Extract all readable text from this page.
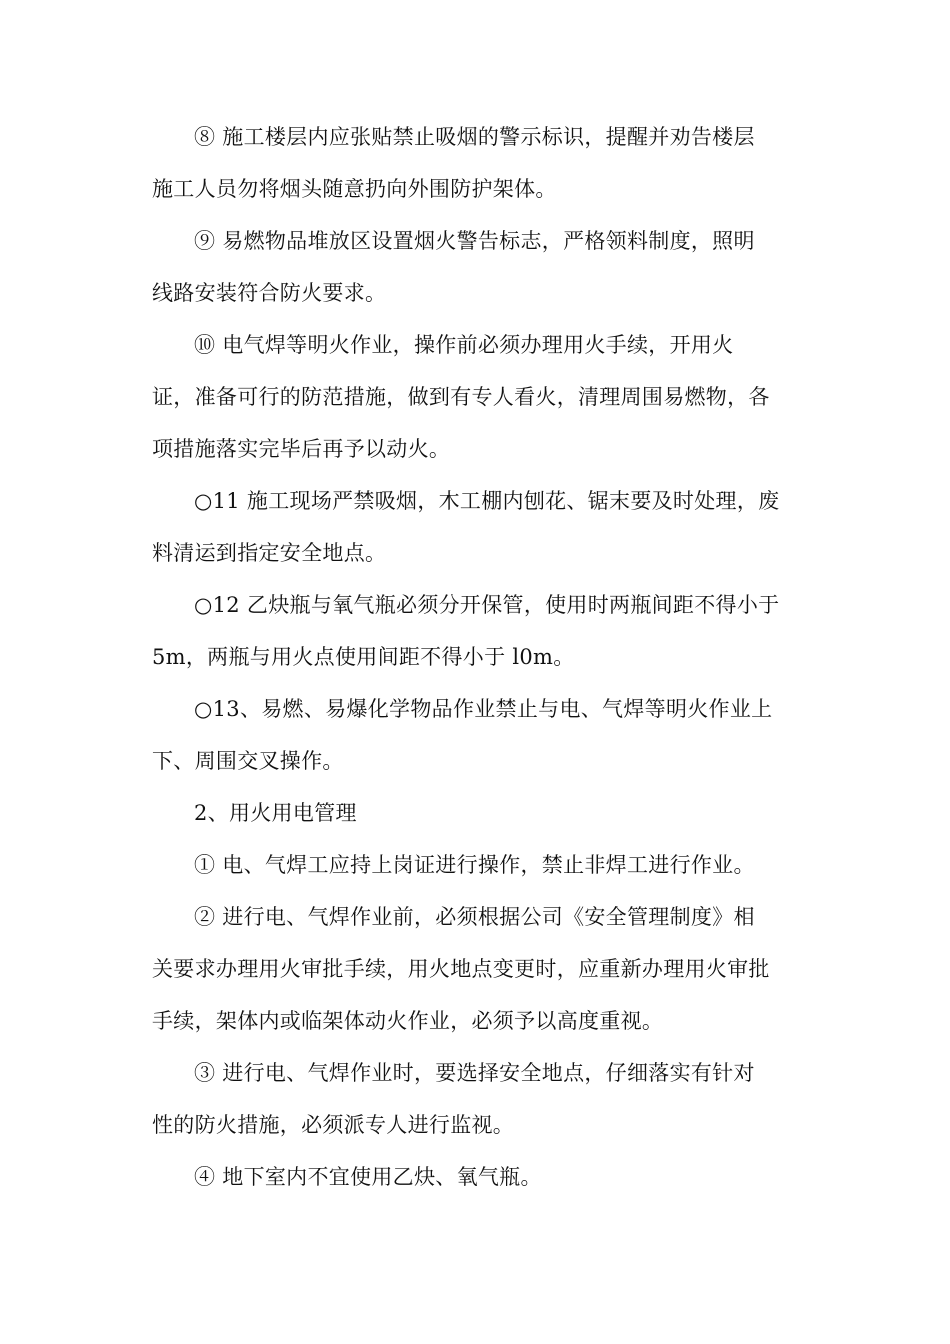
⑧ 施工楼层内应张贴禁止吸烟的警示标识，提醒并劝告楼层
施工人员勿将烟头随意扔向外围防护架体。
⑨ 易燃物品堆放区设置烟火警告标志，严格领料制度，照明
线路安装符合防火要求。
⑩ 电气焊等明火作业，操作前必须办理用火手续，开用火
证，准备可行的防范措施，做到有专人看火，清理周围易燃物，各
项措施落实完毕后再予以动火。
○11 施工现场严禁吸烟，木工棚内刨花、锯末要及时处理，废
料清运到指定安全地点。
○12 乙炔瓶与氧气瓶必须分开保管，使用时两瓶间距不得小于
5m，两瓶与用火点使用间距不得小于 l0m。
○13、易燃、易爆化学物品作业禁止与电、气焊等明火作业上
下、周围交叉操作。
2、用火用电管理
① 电、气焊工应持上岗证进行操作，禁止非焊工进行作业。
② 进行电、气焊作业前，必须根据公司《安全管理制度》相
关要求办理用火审批手续，用火地点变更时，应重新办理用火审批
手续，架体内或临架体动火作业，必须予以高度重视。
③ 进行电、气焊作业时，要选择安全地点，仔细落实有针对
性的防火措施，必须派专人进行监视。
④ 地下室内不宜使用乙炔、氧气瓶。
